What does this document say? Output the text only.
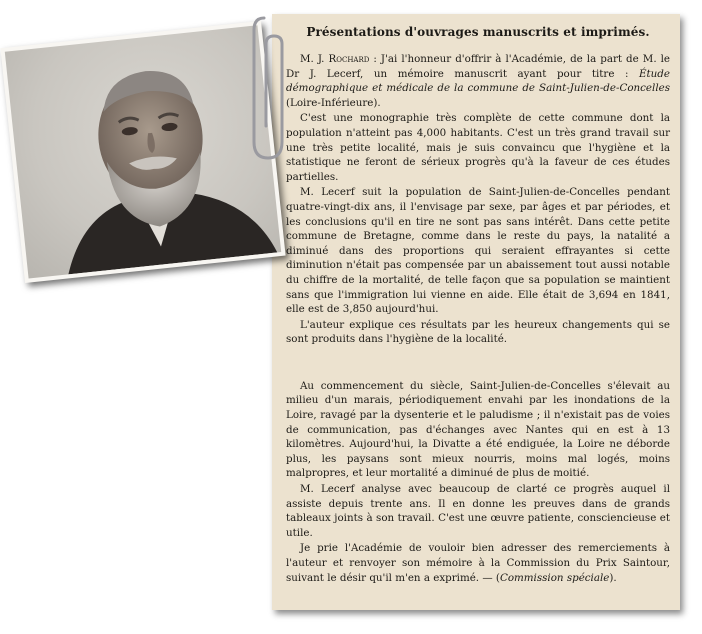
Présentations d'ouvrages manuscrits et imprimés.

M. J. Rochard : J'ai l'honneur d'offrir à l'Académie, de la part de M. le Dr J. Lecerf, un mémoire manuscrit ayant pour titre : Étude démographique et médicale de la commune de Saint-Julien-de-Concelles (Loire-Inférieure).

C'est une monographie très complète de cette commune dont la population n'atteint pas 4,000 habitants. C'est un très grand travail sur une très petite localité, mais je suis convaincu que l'hygiène et la statistique ne feront de sérieux progrès qu'à la faveur de ces études partielles.

M. Lecerf suit la population de Saint-Julien-de-Concelles pendant quatre-vingt-dix ans, il l'envisage par sexe, par âges et par périodes, et les conclusions qu'il en tire ne sont pas sans intérêt. Dans cette petite commune de Bretagne, comme dans le reste du pays, la natalité a diminué dans des proportions qui seraient effrayantes si cette diminution n'était pas compensée par un abaissement tout aussi notable du chiffre de la mortalité, de telle façon que sa population se maintient sans que l'immigration lui vienne en aide. Elle était de 3,694 en 1841, elle est de 3,850 aujourd'hui.

L'auteur explique ces résultats par les heureux changements qui se sont produits dans l'hygiène de la localité.

Au commencement du siècle, Saint-Julien-de-Concelles s'élevait au milieu d'un marais, périodiquement envahi par les inondations de la Loire, ravagé par la dysenterie et le paludisme ; il n'existait pas de voies de communication, pas d'échanges avec Nantes qui en est à 13 kilomètres. Aujourd'hui, la Divatte a été endiguée, la Loire ne déborde plus, les paysans sont mieux nourris, moins mal logés, moins malpropres, et leur mortalité a diminué de plus de moitié.

M. Lecerf analyse avec beaucoup de clarté ce progrès auquel il assiste depuis trente ans. Il en donne les preuves dans de grands tableaux joints à son travail. C'est une œuvre patiente, consciencieuse et utile.

Je prie l'Académie de vouloir bien adresser des remerciements à l'auteur et renvoyer son mémoire à la Commission du Prix Saintour, suivant le désir qu'il m'en a exprimé. — (Commission spéciale).
